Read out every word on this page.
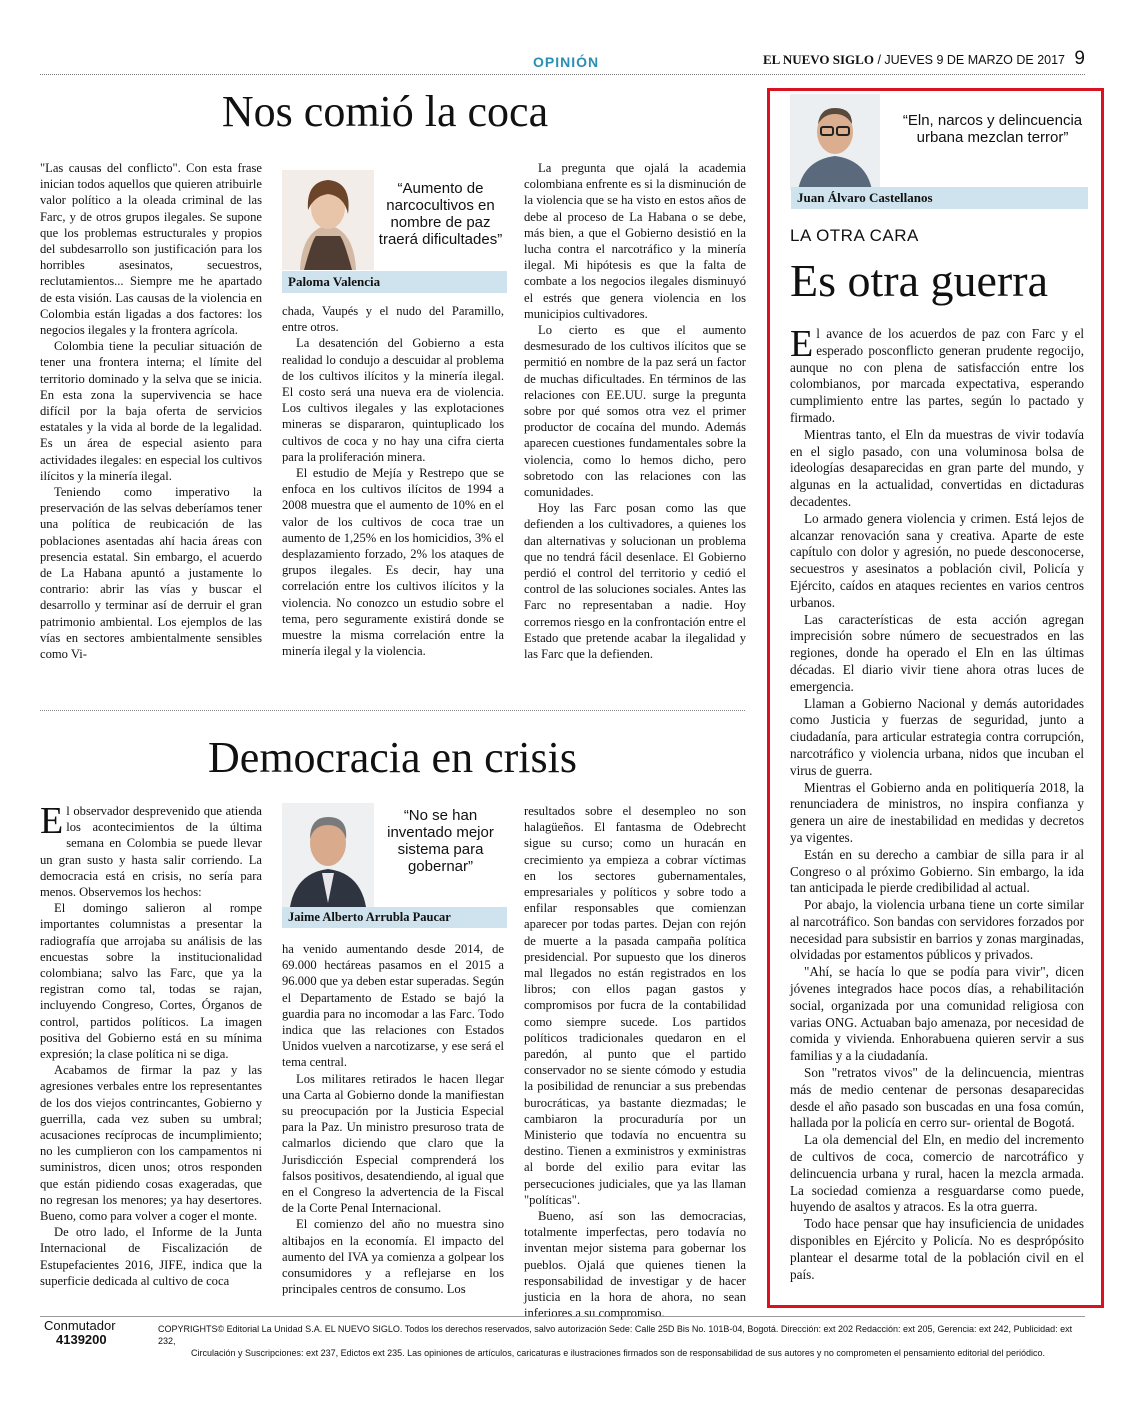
OPINIÓN	EL NUEVO SIGLO / JUEVES 9 DE MARZO DE 2017 9
Nos comió la coca

"Las causas del conflicto". Con esta frase inician todos aquellos que quieren atribuirle valor político a la oleada criminal de las Farc, y de otros grupos ilegales. Se supone que los problemas estructurales y propios del subdesarrollo son justificación para los horribles asesinatos, secuestros, reclutamientos... Siempre me he apartado de esta visión. Las causas de la violencia en Colombia están ligadas a dos factores: los negocios ilegales y la frontera agrícola.

Colombia tiene la peculiar situación de tener una frontera interna; el límite del territorio dominado y la selva que se inicia. En esta zona la supervivencia se hace difícil por la baja oferta de servicios estatales y la vida al borde de la legalidad. Es un área de especial asiento para actividades ilegales: en especial los cultivos ilícitos y la minería ilegal.

Teniendo como imperativo la preservación de las selvas deberíamos tener una política de reubicación de las poblaciones asentadas ahí hacia áreas con presencia estatal. Sin embargo, el acuerdo de La Habana apuntó a justamente lo contrario: abrir las vías y buscar el desarrollo y terminar así de derruir el gran patrimonio ambiental. Los ejemplos de las vías en sectores ambientalmente sensibles como Vi-

“Aumento de narcocultivos en nombre de paz traerá dificultades”
Paloma Valencia

chada, Vaupés y el nudo del Paramillo, entre otros.

La desatención del Gobierno a esta realidad lo condujo a descuidar al problema de los cultivos ilícitos y la minería ilegal. El costo será una nueva era de violencia. Los cultivos ilegales y las explotaciones mineras se dispararon, quintuplicado los cultivos de coca y no hay una cifra cierta para la proliferación minera.

El estudio de Mejía y Restrepo que se enfoca en los cultivos ilícitos de 1994 a 2008 muestra que el aumento de 10% en el valor de los cultivos de coca trae un aumento de 1,25% en los homicidios, 3% el desplazamiento forzado, 2% los ataques de grupos ilegales. Es decir, hay una correlación entre los cultivos ilícitos y la violencia. No conozco un estudio sobre el tema, pero seguramente existirá donde se muestre la misma correlación entre la minería ilegal y la violencia.

La pregunta que ojalá la academia colombiana enfrente es si la disminución de la violencia que se ha visto en estos años de debe al proceso de La Habana o se debe, más bien, a que el Gobierno desistió en la lucha contra el narcotráfico y la minería ilegal. Mi hipótesis es que la falta de combate a los negocios ilegales disminuyó el estrés que genera violencia en los municipios cultivadores.

Lo cierto es que el aumento desmesurado de los cultivos ilícitos que se permitió en nombre de la paz será un factor de muchas dificultades. En términos de las relaciones con EE.UU. surge la pregunta sobre por qué somos otra vez el primer productor de cocaína del mundo. Además aparecen cuestiones fundamentales sobre la violencia, como lo hemos dicho, pero sobretodo con las relaciones con las comunidades.

Hoy las Farc posan como las que defienden a los cultivadores, a quienes los dan alternativas y solucionan un problema que no tendrá fácil desenlace. El Gobierno perdió el control del territorio y cedió el control de las soluciones sociales. Antes las Farc no representaban a nadie. Hoy corremos riesgo en la confrontación entre el Estado que pretende acabar la ilegalidad y las Farc que la defienden.

Democracia en crisis

El observador desprevenido que atienda los acontecimientos de la última semana en Colombia se puede llevar un gran susto y hasta salir corriendo. La democracia está en crisis, no sería para menos. Observemos los hechos:

El domingo salieron al rompe importantes columnistas a presentar la radiografía que arrojaba su análisis de las encuestas sobre la institucionalidad colombiana; salvo las Farc, que ya la registran como tal, todas se rajan, incluyendo Congreso, Cortes, Órganos de control, partidos políticos. La imagen positiva del Gobierno está en su mínima expresión; la clase política ni se diga.

Acabamos de firmar la paz y las agresiones verbales entre los representantes de los dos viejos contrincantes, Gobierno y guerrilla, cada vez suben su umbral; acusaciones recíprocas de incumplimiento; no les cumplieron con los campamentos ni suministros, dicen unos; otros responden que están pidiendo cosas exageradas, que no regresan los menores; ya hay desertores. Bueno, como para volver a coger el monte.

De otro lado, el Informe de la Junta Internacional de Fiscalización de Estupefacientes 2016, JIFE, indica que la superficie dedicada al cultivo de coca

“No se han inventado mejor sistema para gobernar”
Jaime Alberto Arrubla Paucar

ha venido aumentando desde 2014, de 69.000 hectáreas pasamos en el 2015 a 96.000 que ya deben estar superadas. Según el Departamento de Estado se bajó la guardia para no incomodar a las Farc. Todo indica que las relaciones con Estados Unidos vuelven a narcotizarse, y ese será el tema central.

Los militares retirados le hacen llegar una Carta al Gobierno donde la manifiestan su preocupación por la Justicia Especial para la Paz. Un ministro presuroso trata de calmarlos diciendo que claro que la Jurisdicción Especial comprenderá los falsos positivos, desatendiendo, al igual que en el Congreso la advertencia de la Fiscal de la Corte Penal Internacional.

El comienzo del año no muestra sino altibajos en la economía. El impacto del aumento del IVA ya comienza a golpear los consumidores y a reflejarse en los principales centros de consumo. Los

resultados sobre el desempleo no son halagüeños. El fantasma de Odebrecht sigue su curso; como un huracán en crecimiento ya empieza a cobrar víctimas en los sectores gubernamentales, empresariales y políticos y sobre todo a enfilar responsables que comienzan aparecer por todas partes. Dejan con rejón de muerte a la pasada campaña política presidencial. Por supuesto que los dineros mal llegados no están registrados en los libros; con ellos pagan gastos y compromisos por fucra de la contabilidad como siempre sucede. Los partidos políticos tradicionales quedaron en el paredón, al punto que el partido conservador no se siente cómodo y estudia la posibilidad de renunciar a sus prebendas burocráticas, ya bastante diezmadas; le cambiaron la procuraduría por un Ministerio que todavía no encuentra su destino. Tienen a exministros y exministras al borde del exilio para evitar las persecuciones judiciales, que ya las llaman "políticas".

Bueno, así son las democracias, totalmente imperfectas, pero todavía no inventan mejor sistema para gobernar los pueblos. Ojalá que quienes tienen la responsabilidad de investigar y de hacer justicia en la hora de ahora, no sean inferiores a su compromiso.

“Eln, narcos y delincuencia urbana mezclan terror”
Juan Álvaro Castellanos
LA OTRA CARA
Es otra guerra

El avance de los acuerdos de paz con Farc y el esperado posconflicto generan prudente regocijo, aunque no con plena de satisfacción entre los colombianos, por marcada expectativa, esperando cumplimiento entre las partes, según lo pactado y firmado.

Mientras tanto, el Eln da muestras de vivir todavía en el siglo pasado, con una voluminosa bolsa de ideologías desaparecidas en gran parte del mundo, y algunas en la actualidad, convertidas en dictaduras decadentes.

Lo armado genera violencia y crimen. Está lejos de alcanzar renovación sana y creativa. Aparte de este capítulo con dolor y agresión, no puede desconocerse, secuestros y asesinatos a población civil, Policía y Ejército, caídos en ataques recientes en varios centros urbanos.

Las características de esta acción agregan imprecisión sobre número de secuestrados en las regiones, donde ha operado el Eln en las últimas décadas. El diario vivir tiene ahora otras luces de emergencia.

Llaman a Gobierno Nacional y demás autoridades como Justicia y fuerzas de seguridad, junto a ciudadanía, para articular estrategia contra corrupción, narcotráfico y violencia urbana, nidos que incuban el virus de guerra.

Mientras el Gobierno anda en politiquería 2018, la renunciadera de ministros, no inspira confianza y genera un aire de inestabilidad en medidas y decretos ya vigentes.

Están en su derecho a cambiar de silla para ir al Congreso o al próximo Gobierno. Sin embargo, la ida tan anticipada le pierde credibilidad al actual.

Por abajo, la violencia urbana tiene un corte similar al narcotráfico. Son bandas con servidores forzados por necesidad para subsistir en barrios y zonas marginadas, olvidadas por estamentos públicos y privados.

"Ahí, se hacía lo que se podía para vivir", dicen jóvenes integrados hace pocos días, a rehabilitación social, organizada por una comunidad religiosa con varias ONG. Actuaban bajo amenaza, por necesidad de comida y vivienda. Enhorabuena quieren servir a sus familias y a la ciudadanía.

Son "retratos vivos" de la delincuencia, mientras más de medio centenar de personas desaparecidas desde el año pasado son buscadas en una fosa común, hallada por la policía en cerro sur- oriental de Bogotá.

La ola demencial del Eln, en medio del incremento de cultivos de coca, comercio de narcotráfico y delincuencia urbana y rural, hacen la mezcla armada. La sociedad comienza a resguardarse como puede, huyendo de asaltos y atracos. Es la otra guerra.

Todo hace pensar que hay insuficiencia de unidades disponibles en Ejército y Policía. No es desprópósito plantear el desarme total de la población civil en el país.

Conmutador
4139200
COPYRIGHTS© Editorial La Unidad S.A. EL NUEVO SIGLO. Todos los derechos reservados, salvo autorización Sede: Calle 25D Bis No. 101B-04, Bogotá. Dirección: ext 202 Redacción: ext 205, Gerencia: ext 242, Publicidad: ext 232,
Circulación y Suscripciones: ext 237, Edictos ext 235. Las opiniones de artículos, caricaturas e ilustraciones firmados son de responsabilidad de sus autores y no comprometen el pensamiento editorial del periódico.
